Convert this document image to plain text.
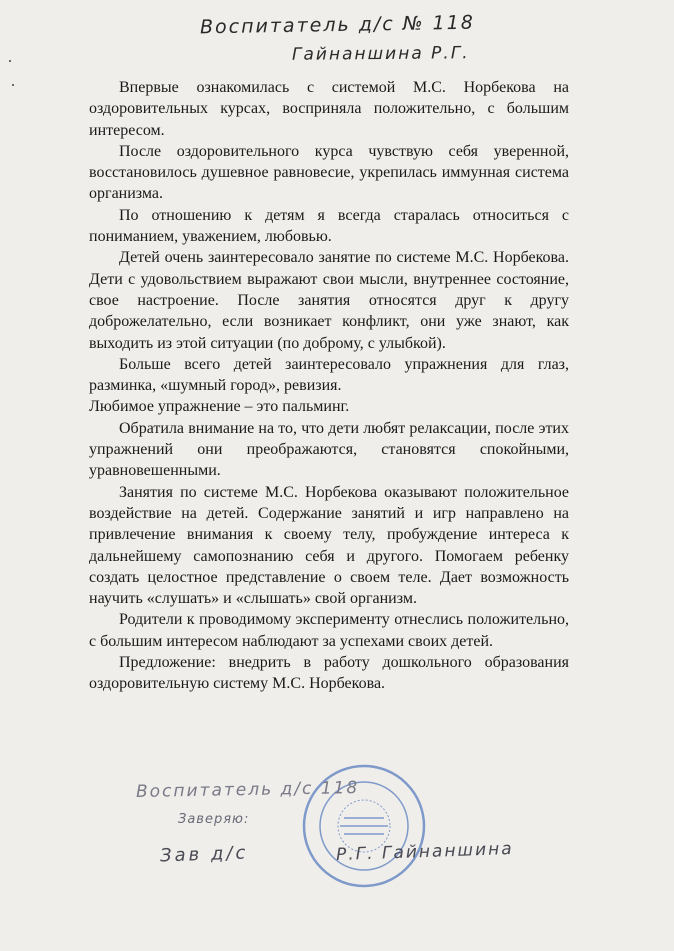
Воспитатель д/с № 118
Гайнаншина Р.Г.

Впервые ознакомилась с системой М.С. Норбекова на оздоровительных курсах, восприняла положительно, с большим интересом.

После оздоровительного курса чувствую себя уверенной, восстановилось душевное равновесие, укрепилась иммунная система организма.

По отношению к детям я всегда старалась относиться с пониманием, уважением, любовью.

Детей очень заинтересовало занятие по системе М.С. Норбекова. Дети с удовольствием выражают свои мысли, внутреннее состояние, свое настроение. После занятия относятся друг к другу доброжелательно, если возникает конфликт, они уже знают, как выходить из этой ситуации (по доброму, с улыбкой).

Больше всего детей заинтересовало упражнения для глаз, разминка, «шумный город», ревизия.

Любимое упражнение – это пальминг.

Обратила внимание на то, что дети любят релаксации, после этих упражнений они преображаются, становятся спокойными, уравновешенными.

Занятия по системе М.С. Норбекова оказывают положительное воздействие на детей. Содержание занятий и игр направлено на привлечение внимания к своему телу, пробуждение интереса к дальнейшему самопознанию себя и другого. Помогаем ребенку создать целостное представление о своем теле. Дает возможность научить «слушать» и «слышать» свой организм.

Родители к проводимому эксперименту отнеслись положительно, с большим интересом наблюдают за успехами своих детей.

Предложение: внедрить в работу дошкольного образования оздоровительную систему М.С. Норбекова.

Воспитатель д/с 118
Заверяю:
Зав д/с	Р.Г. Гайнаншина
